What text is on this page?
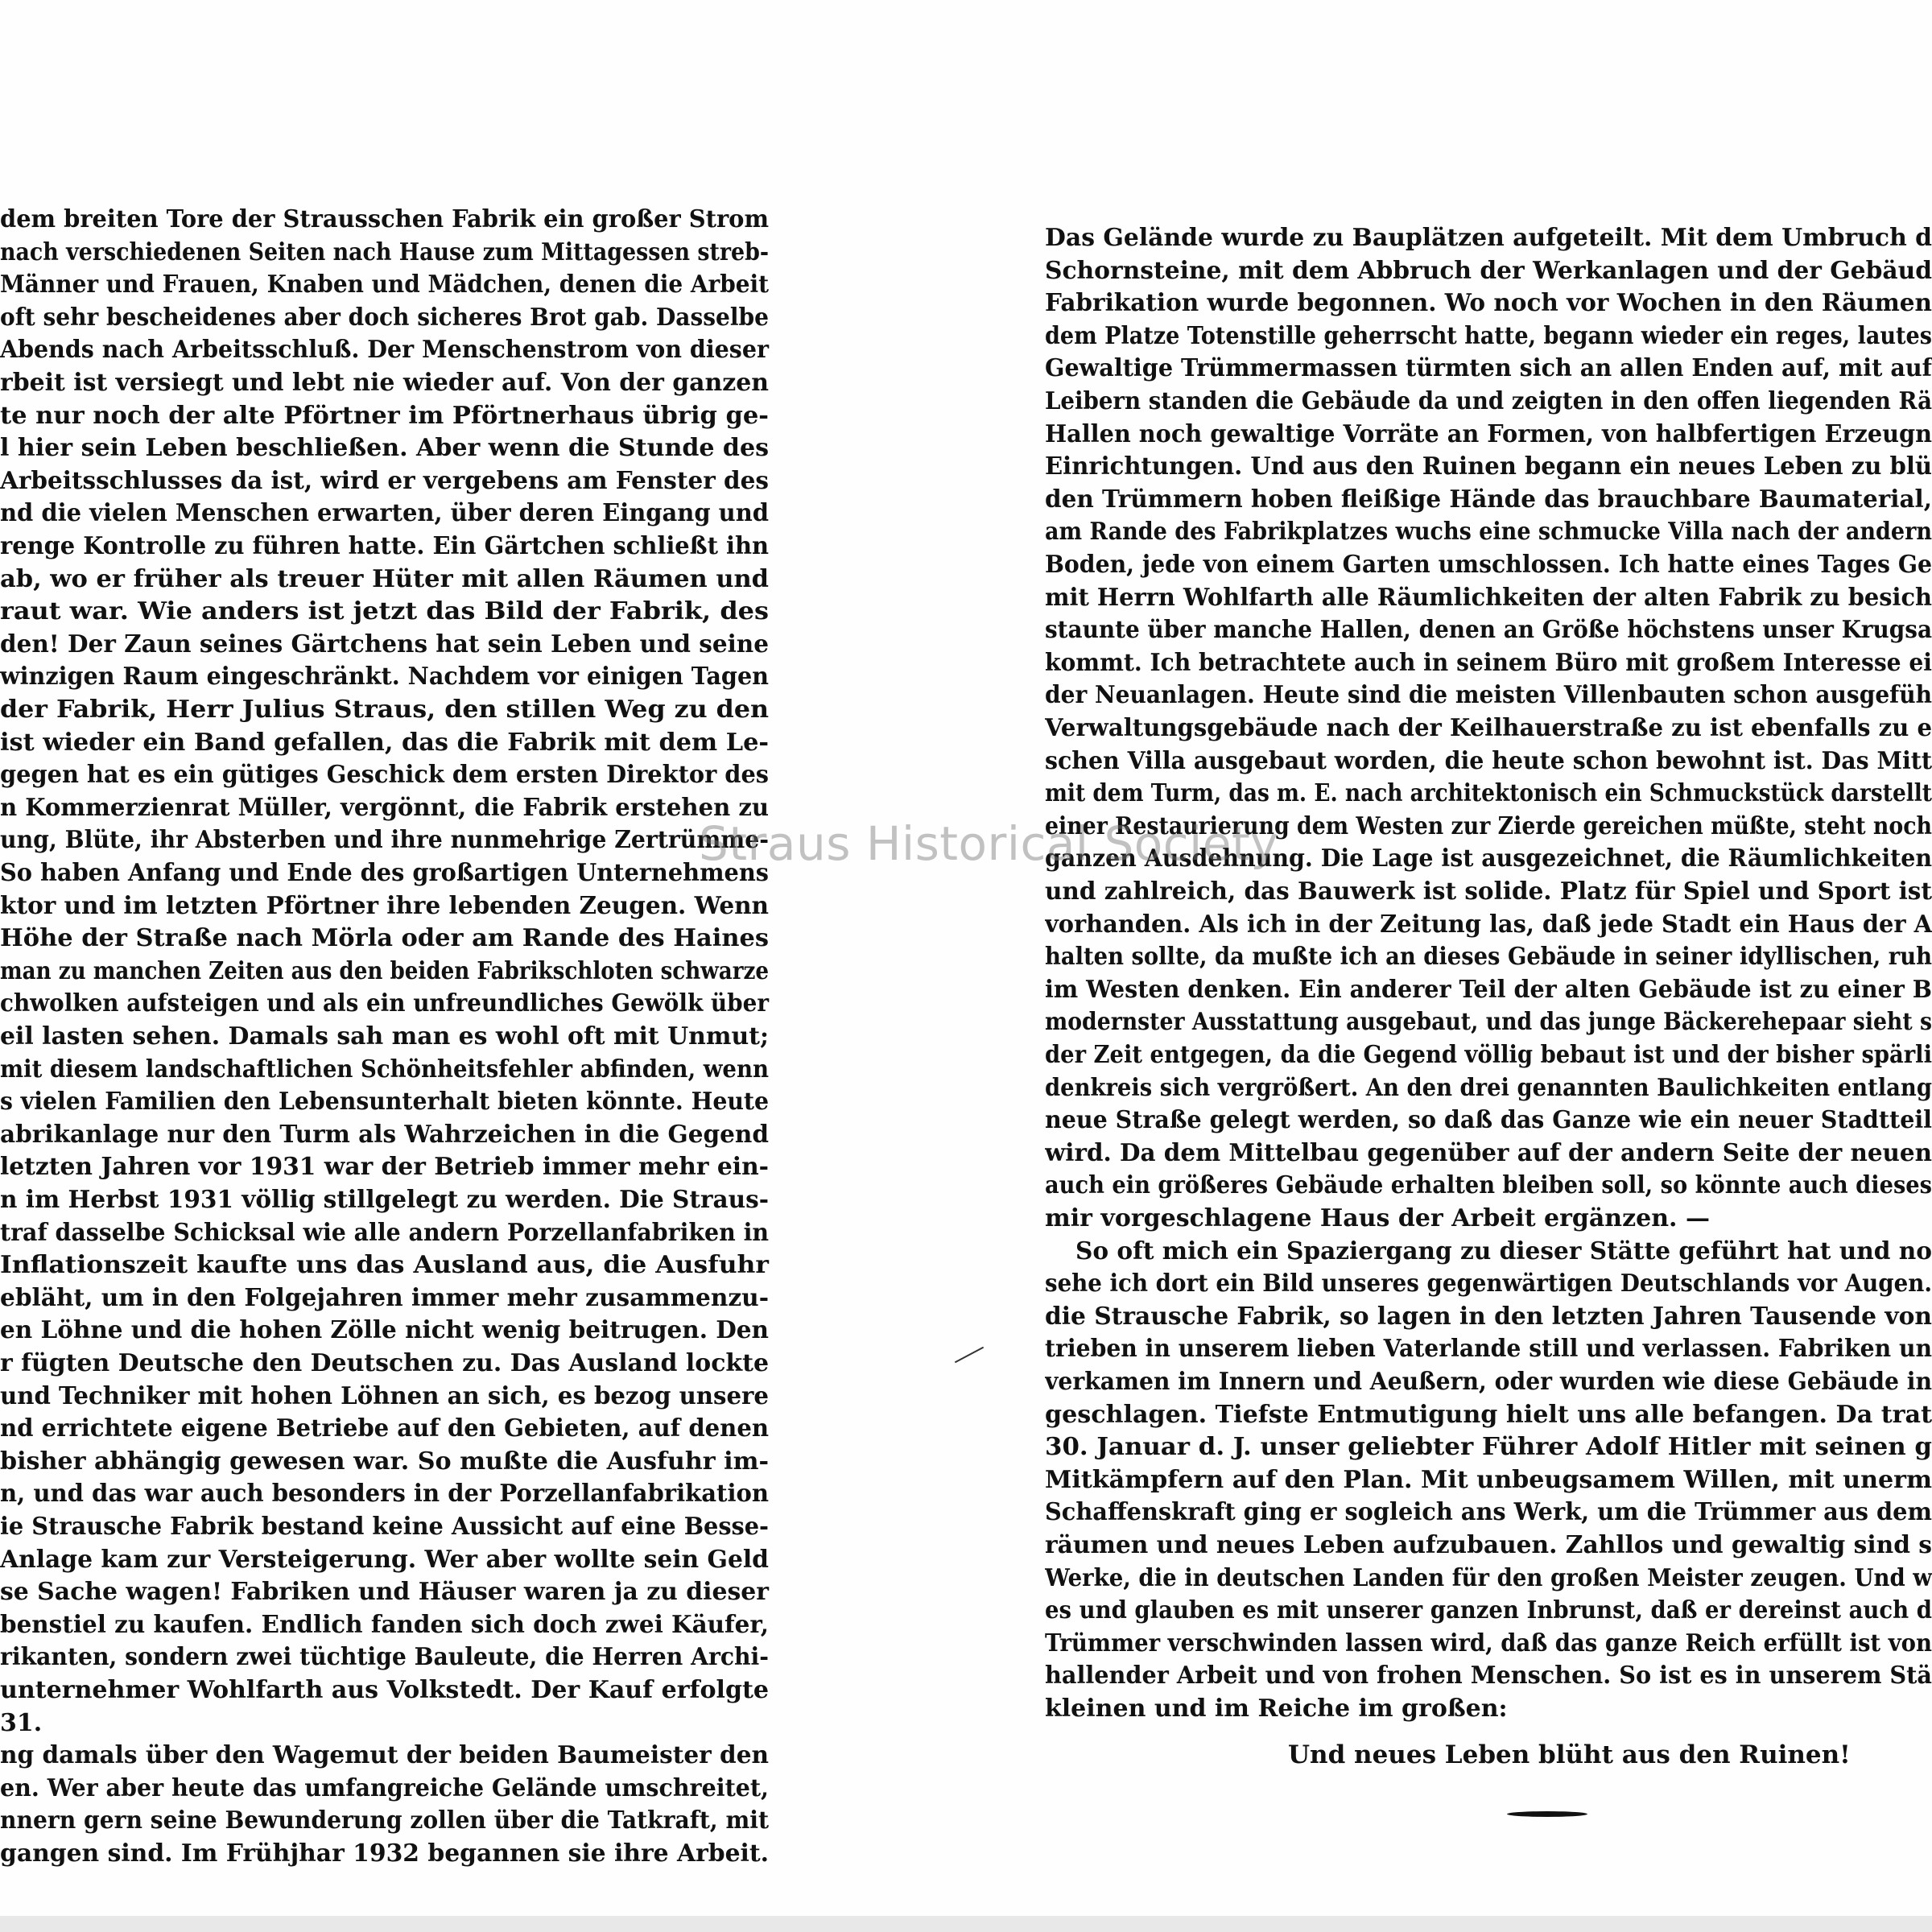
dem breiten Tore der Strausschen Fabrik ein großer Strom
nach verschiedenen Seiten nach Hause zum Mittagessen streb-
Männer und Frauen, Knaben und Mädchen, denen die Arbeit
oft sehr bescheidenes aber doch sicheres Brot gab. Dasselbe
Abends nach Arbeitsschluß. Der Menschenstrom von dieser
rbeit ist versiegt und lebt nie wieder auf. Von der ganzen
te nur noch der alte Pförtner im Pförtnerhaus übrig ge-
l hier sein Leben beschließen. Aber wenn die Stunde des
Arbeitsschlusses da ist, wird er vergebens am Fenster des
nd die vielen Menschen erwarten, über deren Eingang und
renge Kontrolle zu führen hatte. Ein Gärtchen schließt ihn
ab, wo er früher als treuer Hüter mit allen Räumen und
raut war. Wie anders ist jetzt das Bild der Fabrik, des
den! Der Zaun seines Gärtchens hat sein Leben und seine
winzigen Raum eingeschränkt. Nachdem vor einigen Tagen
der Fabrik, Herr Julius Straus, den stillen Weg zu den
ist wieder ein Band gefallen, das die Fabrik mit dem Le-
gegen hat es ein gütiges Geschick dem ersten Direktor des
n Kommerzienrat Müller, vergönnt, die Fabrik erstehen zu
ung, Blüte, ihr Absterben und ihre nunmehrige Zertrümme-
So haben Anfang und Ende des großartigen Unternehmens
ktor und im letzten Pförtner ihre lebenden Zeugen. Wenn
Höhe der Straße nach Mörla oder am Rande des Haines
man zu manchen Zeiten aus den beiden Fabrikschloten schwarze
chwolken aufsteigen und als ein unfreundliches Gewölk über
eil lasten sehen. Damals sah man es wohl oft mit Unmut;
mit diesem landschaftlichen Schönheitsfehler abfinden, wenn
s vielen Familien den Lebensunterhalt bieten könnte. Heute
abrikanlage nur den Turm als Wahrzeichen in die Gegend
letzten Jahren vor 1931 war der Betrieb immer mehr ein-
n im Herbst 1931 völlig stillgelegt zu werden. Die Straus-
traf dasselbe Schicksal wie alle andern Porzellanfabriken in
Inflationszeit kaufte uns das Ausland aus, die Ausfuhr
ebläht, um in den Folgejahren immer mehr zusammenzu-
en Löhne und die hohen Zölle nicht wenig beitrugen. Den
r fügten Deutsche den Deutschen zu. Das Ausland lockte
und Techniker mit hohen Löhnen an sich, es bezog unsere
nd errichtete eigene Betriebe auf den Gebieten, auf denen
bisher abhängig gewesen war. So mußte die Ausfuhr im-
n, und das war auch besonders in der Porzellanfabrikation
ie Strausche Fabrik bestand keine Aussicht auf eine Besse-
Anlage kam zur Versteigerung. Wer aber wollte sein Geld
se Sache wagen! Fabriken und Häuser waren ja zu dieser
benstiel zu kaufen. Endlich fanden sich doch zwei Käufer,
rikanten, sondern zwei tüchtige Bauleute, die Herren Archi-
unternehmer Wohlfarth aus Volkstedt. Der Kauf erfolgte
31.
ng damals über den Wagemut der beiden Baumeister den
en. Wer aber heute das umfangreiche Gelände umschreitet,
nnern gern seine Bewunderung zollen über die Tatkraft, mit
gangen sind. Im Frühjhar 1932 begannen sie ihre Arbeit.
Das Gelände wurde zu Bauplätzen aufgeteilt. Mit dem Umbruch d
Schornsteine, mit dem Abbruch der Werkanlagen und der Gebäud
Fabrikation wurde begonnen. Wo noch vor Wochen in den Räumen
dem Platze Totenstille geherrscht hatte, begann wieder ein reges, lautes
Gewaltige Trümmermassen türmten sich an allen Enden auf, mit auf
Leibern standen die Gebäude da und zeigten in den offen liegenden Rä
Hallen noch gewaltige Vorräte an Formen, von halbfertigen Erzeugn
Einrichtungen. Und aus den Ruinen begann ein neues Leben zu blü
den Trümmern hoben fleißige Hände das brauchbare Baumaterial,
am Rande des Fabrikplatzes wuchs eine schmucke Villa nach der andern
Boden, jede von einem Garten umschlossen. Ich hatte eines Tages Ge
mit Herrn Wohlfarth alle Räumlichkeiten der alten Fabrik zu besich
staunte über manche Hallen, denen an Größe höchstens unser Krugsa
kommt. Ich betrachtete auch in seinem Büro mit großem Interesse ei
der Neuanlagen. Heute sind die meisten Villenbauten schon ausgefüh
Verwaltungsgebäude nach der Keilhauerstraße zu ist ebenfalls zu e
schen Villa ausgebaut worden, die heute schon bewohnt ist. Das Mitt
mit dem Turm, das m. E. nach architektonisch ein Schmuckstück darstellt
einer Restaurierung dem Westen zur Zierde gereichen müßte, steht noch
ganzen Ausdehnung. Die Lage ist ausgezeichnet, die Räumlichkeiten
und zahlreich, das Bauwerk ist solide. Platz für Spiel und Sport ist
vorhanden. Als ich in der Zeitung las, daß jede Stadt ein Haus der A
halten sollte, da mußte ich an dieses Gebäude in seiner idyllischen, ruh
im Westen denken. Ein anderer Teil der alten Gebäude ist zu einer B
modernster Ausstattung ausgebaut, und das junge Bäckerehepaar sieht s
der Zeit entgegen, da die Gegend völlig bebaut ist und der bisher spärli
denkreis sich vergrößert. An den drei genannten Baulichkeiten entlang
neue Straße gelegt werden, so daß das Ganze wie ein neuer Stadtteil
wird. Da dem Mittelbau gegenüber auf der andern Seite der neuen
auch ein größeres Gebäude erhalten bleiben soll, so könnte auch dieses
mir vorgeschlagene Haus der Arbeit ergänzen. —
So oft mich ein Spaziergang zu dieser Stätte geführt hat und no
sehe ich dort ein Bild unseres gegenwärtigen Deutschlands vor Augen.
die Strausche Fabrik, so lagen in den letzten Jahren Tausende von
trieben in unserem lieben Vaterlande still und verlassen. Fabriken un
verkamen im Innern und Aeußern, oder wurden wie diese Gebäude in
geschlagen. Tiefste Entmutigung hielt uns alle befangen. Da trat
30. Januar d. J. unser geliebter Führer Adolf Hitler mit seinen g
Mitkämpfern auf den Plan. Mit unbeugsamem Willen, mit unerm
Schaffenskraft ging er sogleich ans Werk, um die Trümmer aus dem
räumen und neues Leben aufzubauen. Zahllos und gewaltig sind s
Werke, die in deutschen Landen für den großen Meister zeugen. Und w
es und glauben es mit unserer ganzen Inbrunst, daß er dereinst auch d
Trümmer verschwinden lassen wird, daß das ganze Reich erfüllt ist von
hallender Arbeit und von frohen Menschen. So ist es in unserem Stä
kleinen und im Reiche im großen:
Und neues Leben blüht aus den Ruinen!
Straus Historical Society
